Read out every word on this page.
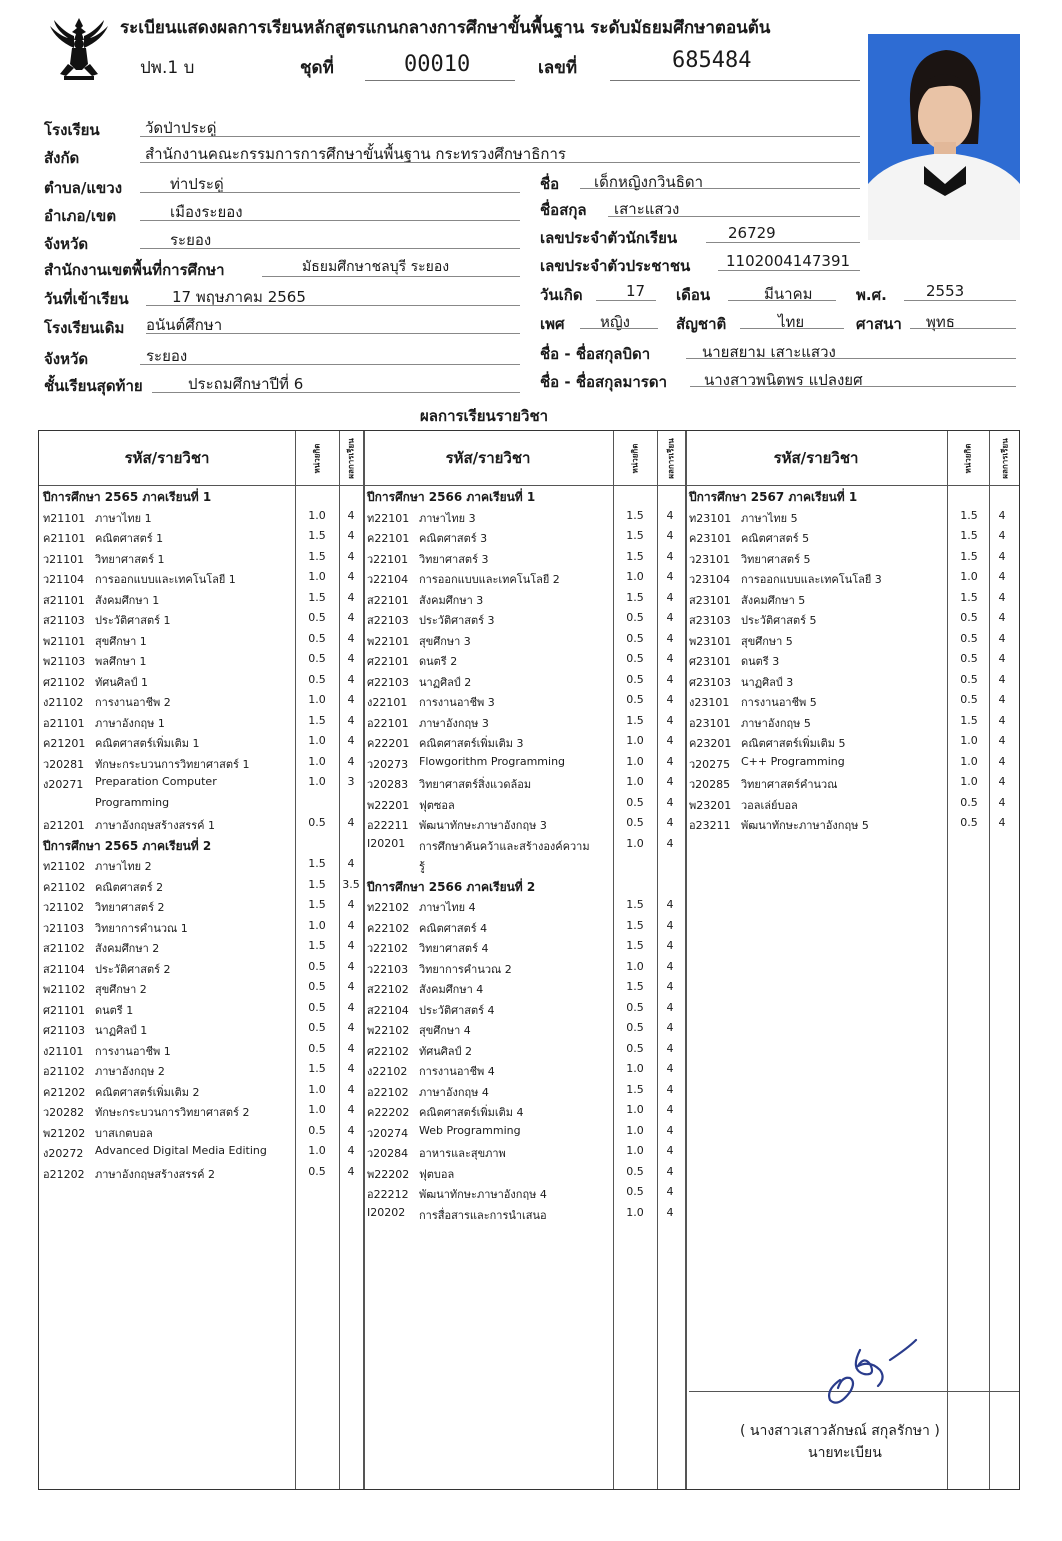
ระเบียนแสดงผลการเรียนหลักสูตรแกนกลางการศึกษาขั้นพื้นฐาน ระดับมัธยมศึกษาตอนต้น
ปพ.1 บ	ชุดที่	00010	เลขที่	685484
โรงเรียน	วัดป่าประดู่
สังกัด	สำนักงานคณะกรรมการการศึกษาขั้นพื้นฐาน กระทรวงศึกษาธิการ
ตำบล/แขวง	ท่าประดู่
อำเภอ/เขต	เมืองระยอง
จังหวัด	ระยอง
สำนักงานเขตพื้นที่การศึกษา	มัธยมศึกษาชลบุรี ระยอง
วันที่เข้าเรียน	17 พฤษภาคม 2565
โรงเรียนเดิม อนันต์ศึกษา
จังหวัด	ระยอง
ชั้นเรียนสุดท้าย	ประถมศึกษาปีที่ 6
ชื่อ เด็กหญิงกวินธิดา
ชื่อสกุล เสาะแสวง
เลขประจำตัวนักเรียน	26729
เลขประจำตัวประชาชน 1102004147391
วันเกิด	17 เดือน	มีนาคม	พ.ศ.	2553
เพศ หญิง	สัญชาติ	ไทย	ศาสนา พุทธ
ชื่อ - ชื่อสกุลบิดา	นายสยาม เสาะแสวง
ชื่อ - ชื่อสกุลมารดา นางสาวพนิตพร แปลงยศ
ผลการเรียนรายวิชา
รหัส/รายวิชา	หน่วยกิต	ผลการเรียน	รหัส/รายวิชา	หน่วยกิต	ผลการเรียน	รหัส/รายวิชา	หน่วยกิต	ผลการเรียน
ปีการศึกษา 2565 ภาคเรียนที่ 1
ท21101 ภาษาไทย 1	1.0	4
ค21101 คณิตศาสตร์ 1	1.5	4
ว21101 วิทยาศาสตร์ 1	1.5	4
ว21104 การออกแบบและเทคโนโลยี 1	1.0	4
ส21101 สังคมศึกษา 1	1.5	4
ส21103 ประวัติศาสตร์ 1	0.5	4
พ21101 สุขศึกษา 1	0.5	4
พ21103 พลศึกษา 1	0.5	4
ศ21102 ทัศนศิลป์ 1	0.5	4
ง21102 การงานอาชีพ 2	1.0	4
อ21101 ภาษาอังกฤษ 1	1.5	4
ค21201 คณิตศาสตร์เพิ่มเติม 1	1.0	4
ว20281 ทักษะกระบวนการวิทยาศาสตร์ 1	1.0	4
ง20271 Preparation Computer	1.0	3
Programming
อ21201 ภาษาอังกฤษสร้างสรรค์ 1	0.5	4
ปีการศึกษา 2565 ภาคเรียนที่ 2
ท21102 ภาษาไทย 2	1.5	4
ค21102 คณิตศาสตร์ 2	1.5	3.5
ว21102 วิทยาศาสตร์ 2	1.5	4
ว21103 วิทยาการคำนวณ 1	1.0	4
ส21102 สังคมศึกษา 2	1.5	4
ส21104 ประวัติศาสตร์ 2	0.5	4
พ21102 สุขศึกษา 2	0.5	4
ศ21101 ดนตรี 1	0.5	4
ศ21103 นาฏศิลป์ 1	0.5	4
ง21101 การงานอาชีพ 1	0.5	4
อ21102 ภาษาอังกฤษ 2	1.5	4
ค21202 คณิตศาสตร์เพิ่มเติม 2	1.0	4
ว20282 ทักษะกระบวนการวิทยาศาสตร์ 2	1.0	4
พ21202 บาสเกตบอล	0.5	4
ง20272 Advanced Digital Media Editing	1.0	4
อ21202 ภาษาอังกฤษสร้างสรรค์ 2	0.5	4
ปีการศึกษา 2566 ภาคเรียนที่ 1
ท22101 ภาษาไทย 3	1.5	4
ค22101 คณิตศาสตร์ 3	1.5	4
ว22101 วิทยาศาสตร์ 3	1.5	4
ว22104 การออกแบบและเทคโนโลยี 2	1.0	4
ส22101 สังคมศึกษา 3	1.5	4
ส22103 ประวัติศาสตร์ 3	0.5	4
พ22101 สุขศึกษา 3	0.5	4
ศ22101 ดนตรี 2	0.5	4
ศ22103 นาฏศิลป์ 2	0.5	4
ง22101 การงานอาชีพ 3	0.5	4
อ22101 ภาษาอังกฤษ 3	1.5	4
ค22201 คณิตศาสตร์เพิ่มเติม 3	1.0	4
ว20273 Flowgorithm Programming	1.0	4
ว20283 วิทยาศาสตร์สิ่งแวดล้อม	1.0	4
พ22201 ฟุตซอล	0.5	4
อ22211 พัฒนาทักษะภาษาอังกฤษ 3	0.5	4
I20201 การศึกษาค้นคว้าและสร้างองค์ความ	1.0	4
รู้
ปีการศึกษา 2566 ภาคเรียนที่ 2
ท22102 ภาษาไทย 4	1.5	4
ค22102 คณิตศาสตร์ 4	1.5	4
ว22102 วิทยาศาสตร์ 4	1.5	4
ว22103 วิทยาการคำนวณ 2	1.0	4
ส22102 สังคมศึกษา 4	1.5	4
ส22104 ประวัติศาสตร์ 4	0.5	4
พ22102 สุขศึกษา 4	0.5	4
ศ22102 ทัศนศิลป์ 2	0.5	4
ง22102 การงานอาชีพ 4	1.0	4
อ22102 ภาษาอังกฤษ 4	1.5	4
ค22202 คณิตศาสตร์เพิ่มเติม 4	1.0	4
ว20274 Web Programming	1.0	4
ว20284 อาหารและสุขภาพ	1.0	4
พ22202 ฟุตบอล	0.5	4
อ22212 พัฒนาทักษะภาษาอังกฤษ 4	0.5	4
I20202 การสื่อสารและการนำเสนอ	1.0	4
ปีการศึกษา 2567 ภาคเรียนที่ 1
ท23101 ภาษาไทย 5	1.5	4
ค23101 คณิตศาสตร์ 5	1.5	4
ว23101 วิทยาศาสตร์ 5	1.5	4
ว23104 การออกแบบและเทคโนโลยี 3	1.0	4
ส23101 สังคมศึกษา 5	1.5	4
ส23103 ประวัติศาสตร์ 5	0.5	4
พ23101 สุขศึกษา 5	0.5	4
ศ23101 ดนตรี 3	0.5	4
ศ23103 นาฏศิลป์ 3	0.5	4
ง23101 การงานอาชีพ 5	0.5	4
อ23101 ภาษาอังกฤษ 5	1.5	4
ค23201 คณิตศาสตร์เพิ่มเติม 5	1.0	4
ว20275 C++ Programming	1.0	4
ว20285 วิทยาศาสตร์คำนวณ	1.0	4
พ23201 วอลเล่ย์บอล	0.5	4
อ23211 พัฒนาทักษะภาษาอังกฤษ 5	0.5	4
( นางสาวเสาวลักษณ์ สกุลรักษา )
นายทะเบียน
